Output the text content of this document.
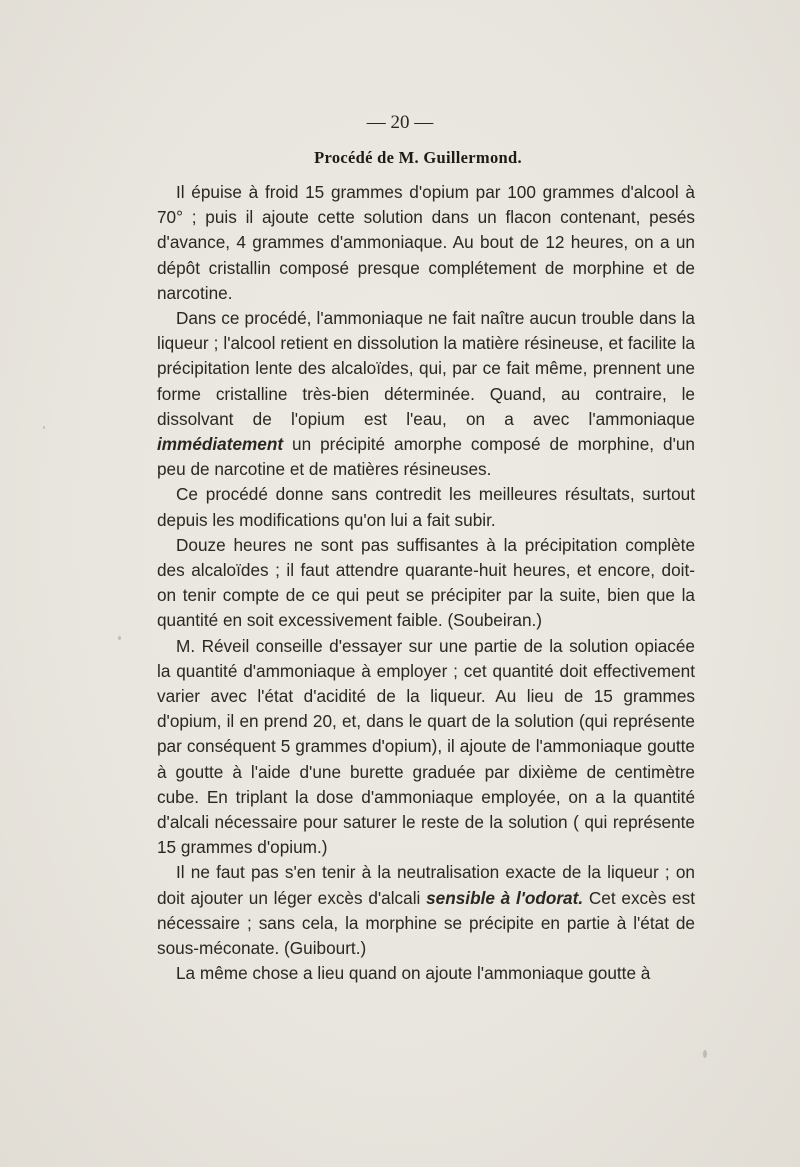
— 20 —
Procédé de M. Guillermond.

Il épuise à froid 15 grammes d'opium par 100 grammes d'alcool à 70° ; puis il ajoute cette solution dans un flacon contenant, pesés d'avance, 4 grammes d'ammoniaque. Au bout de 12 heures, on a un dépôt cristallin composé presque complétement de morphine et de narcotine.

Dans ce procédé, l'ammoniaque ne fait naître aucun trouble dans la liqueur ; l'alcool retient en dissolution la matière résineuse, et facilite la précipitation lente des alcaloïdes, qui, par ce fait même, prennent une forme cristalline très-bien déterminée. Quand, au contraire, le dissolvant de l'opium est l'eau, on a avec l'ammoniaque immédiatement un précipité amorphe composé de morphine, d'un peu de narcotine et de matières résineuses.

Ce procédé donne sans contredit les meilleures résultats, surtout depuis les modifications qu'on lui a fait subir.

Douze heures ne sont pas suffisantes à la précipitation complète des alcaloïdes ; il faut attendre quarante-huit heures, et encore, doit-on tenir compte de ce qui peut se précipiter par la suite, bien que la quantité en soit excessivement faible. (Soubeiran.)

M. Réveil conseille d'essayer sur une partie de la solution opiacée la quantité d'ammoniaque à employer ; cet quantité doit effectivement varier avec l'état d'acidité de la liqueur. Au lieu de 15 grammes d'opium, il en prend 20, et, dans le quart de la solution (qui représente par conséquent 5 grammes d'opium), il ajoute de l'ammoniaque goutte à goutte à l'aide d'une burette graduée par dixième de centimètre cube. En triplant la dose d'ammoniaque employée, on a la quantité d'alcali nécessaire pour saturer le reste de la solution ( qui représente 15 grammes d'opium.)

Il ne faut pas s'en tenir à la neutralisation exacte de la liqueur ; on doit ajouter un léger excès d'alcali sensible à l'odorat. Cet excès est nécessaire ; sans cela, la morphine se précipite en partie à l'état de sous-méconate. (Guibourt.)

La même chose a lieu quand on ajoute l'ammoniaque goutte à
